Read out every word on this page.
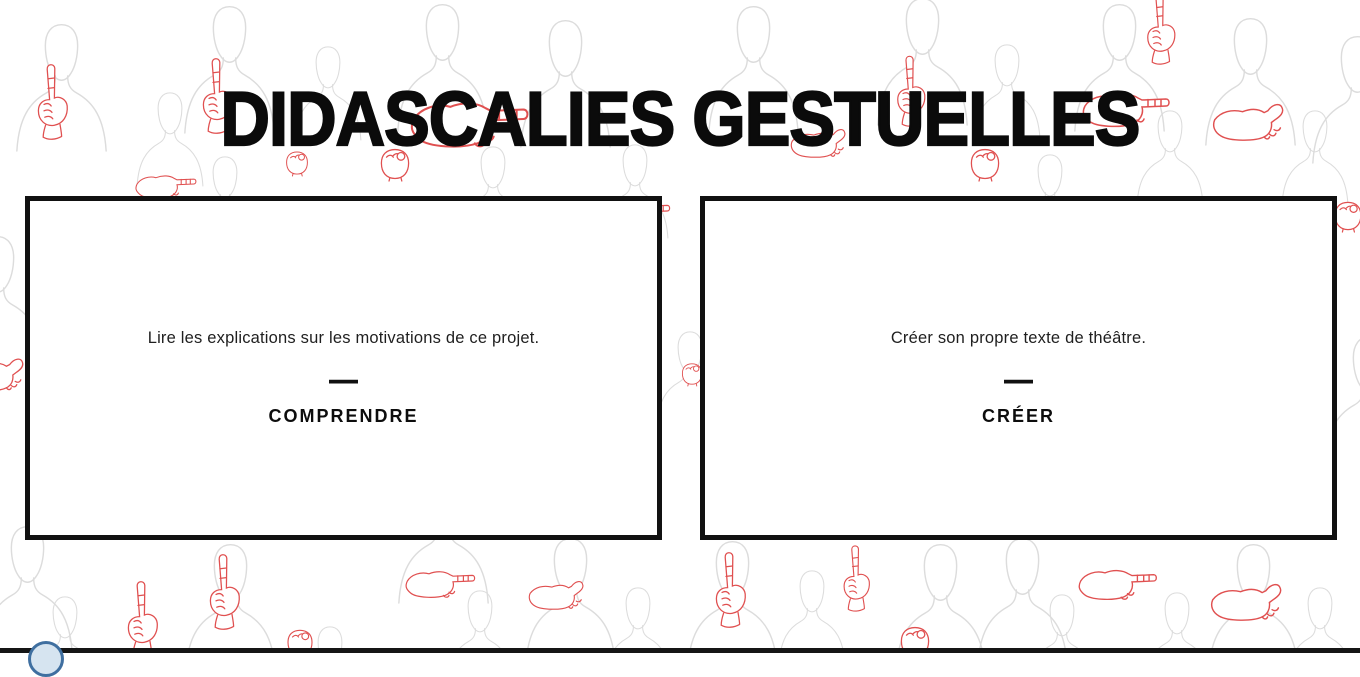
DIDASCALIES GESTUELLES

Lire les explications sur les motivations de ce projet.

—
COMPRENDRE

Créer son propre texte de théâtre.

—
CRÉER
